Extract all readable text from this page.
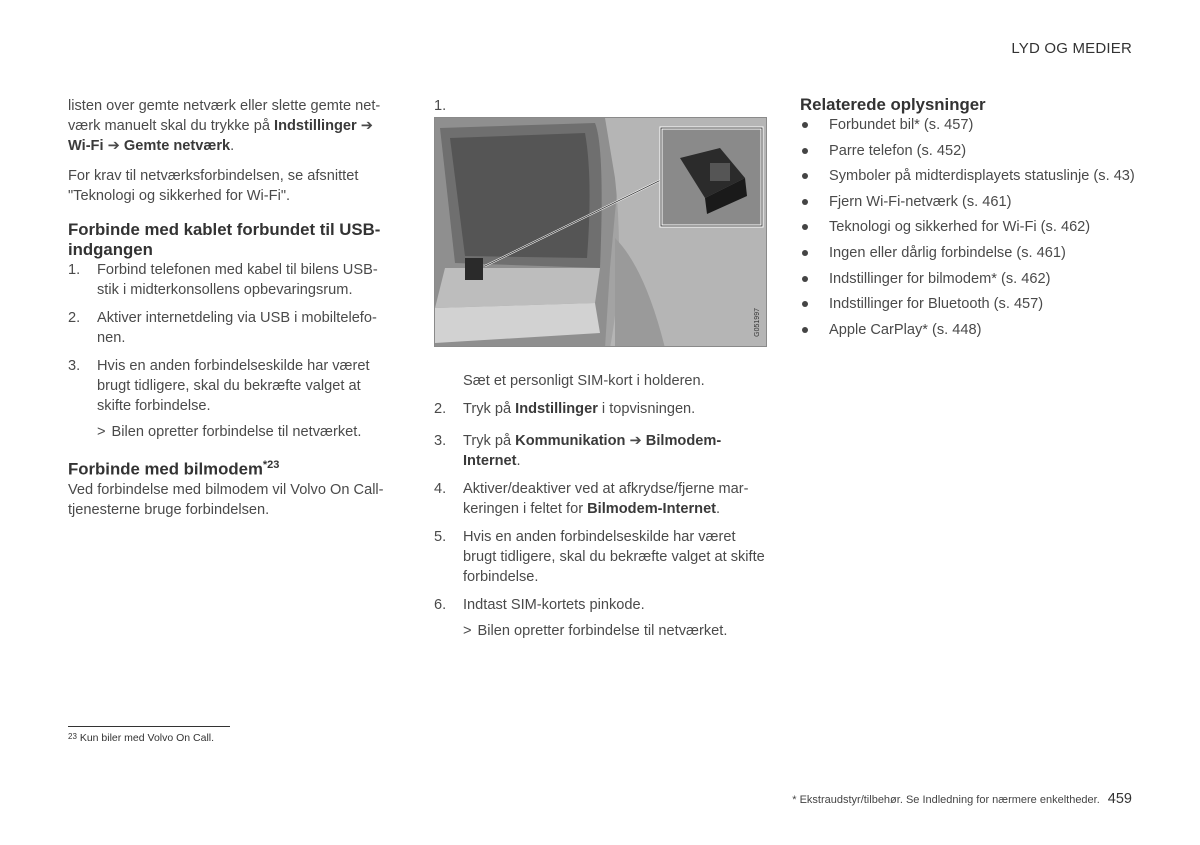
LYD OG MEDIER

listen over gemte netværk eller slette gemte net-
værk manuelt skal du trykke på Indstillinger ➔
Wi-Fi ➔ Gemte netværk.

For krav til netværksforbindelsen, se afsnittet "Teknologi og sikkerhed for Wi-Fi".

Forbinde med kablet forbundet til USB-
indgangen
1. Forbind telefonen med kabel til bilens USB-stik i midterkonsollens opbevaringsrum.
2. Aktiver internetdeling via USB i mobiltelefo-nen.
3. Hvis en anden forbindelseskilde har været brugt tidligere, skal du bekræfte valget at skifte forbindelse.
> Bilen opretter forbindelse til netværket.
Forbinde med bilmodem$^{*23}$

Ved forbindelse med bilmodem vil Volvo On Call-tjenesterne bruge forbindelsen.

1.
G051997
Sæt et personligt SIM-kort i holderen.
2. Tryk på Indstillinger i topvisningen.
3. Tryk på Kommunikation ➔ Bilmodem-Internet.
4. Aktiver/deaktiver ved at afkrydse/fjerne mar-keringen i feltet for Bilmodem-Internet.
5. Hvis en anden forbindelseskilde har været brugt tidligere, skal du bekræfte valget at skifte forbindelse.
6. Indtast SIM-kortets pinkode.
> Bilen opretter forbindelse til netværket.
Relaterede oplysninger
Forbundet bil* (s. 457)
Parre telefon (s. 452)
Symboler på midterdisplayets statuslinje (s. 43)
Fjern Wi-Fi-netværk (s. 461)
Teknologi og sikkerhed for Wi-Fi (s. 462)
Ingen eller dårlig forbindelse (s. 461)
Indstillinger for bilmodem* (s. 462)
Indstillinger for Bluetooth (s. 457)
Apple CarPlay* (s. 448)
$^{23}$ Kun biler med Volvo On Call.
* Ekstraudstyr/tilbehør. Se Indledning for nærmere enkeltheder. 459
